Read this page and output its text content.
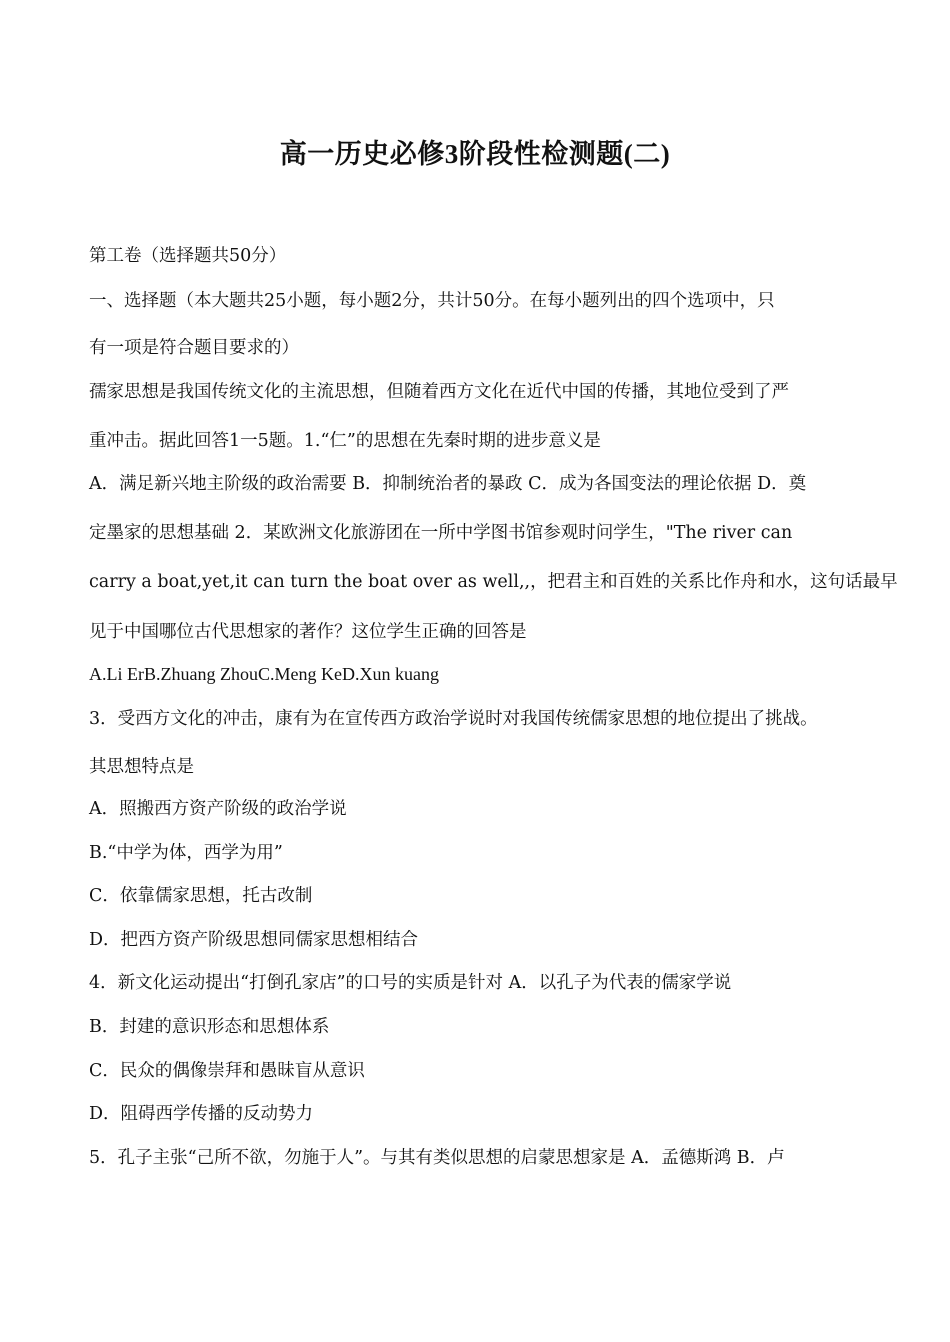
高一历史必修3阶段性检测题(二)
第工卷（选择题共50分）
一、选择题（本大题共25小题，每小题2分，共计50分。在每小题列出的四个选项中，只
有一项是符合题目要求的）
孺家思想是我国传统文化的主流思想，但随着西方文化在近代中国的传播，其地位受到了严
重冲击。据此回答1一5题。1.“仁”的思想在先秦时期的进步意义是
A．满足新兴地主阶级的政治需要 B．抑制统治者的暴政 C．成为各国变法的理论依据 D．奠
定墨家的思想基础 2．某欧洲文化旅游团在一所中学图书馆参观时问学生，"The river can
carry a boat,yet,it can turn the boat over as well,,，把君主和百姓的关系比作舟和水，这句话最早
见于中国哪位古代思想家的著作？这位学生正确的回答是
A.Li ErB.Zhuang ZhouC.Meng KeD.Xun kuang
3．受西方文化的冲击，康有为在宣传西方政治学说时对我国传统儒家思想的地位提出了挑战。
其思想特点是
A．照搬西方资产阶级的政治学说
B.“中学为体，西学为用”
C．依靠儒家思想，托古改制
D．把西方资产阶级思想同儒家思想相结合
4．新文化运动提出“打倒孔家店”的口号的实质是针对 A．以孔子为代表的儒家学说
B．封建的意识形态和思想体系
C．民众的偶像崇拜和愚昧盲从意识
D．阻碍西学传播的反动势力
5．孔子主张“己所不欲，勿施于人”。与其有类似思想的启蒙思想家是 A．孟德斯鸿 B．卢
